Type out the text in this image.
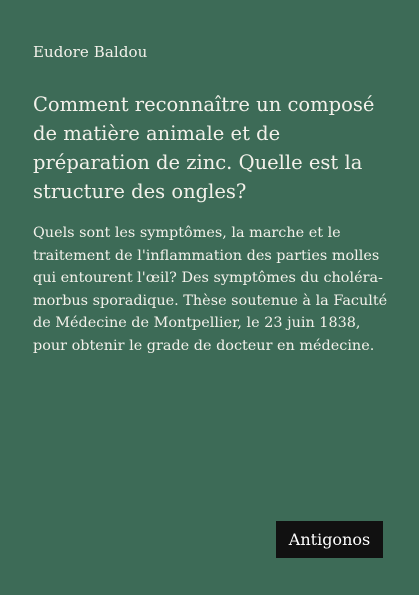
Eudore Baldou
Comment reconnaître un composé de matière animale et de préparation de zinc. Quelle est la structure des ongles?

Quels sont les symptômes, la marche et le traitement de l'inflammation des parties molles qui entourent l'œil? Des symptômes du choléra-morbus sporadique. Thèse soutenue à la Faculté de Médecine de Montpellier, le 23 juin 1838, pour obtenir le grade de docteur en médecine.

Antigonos
